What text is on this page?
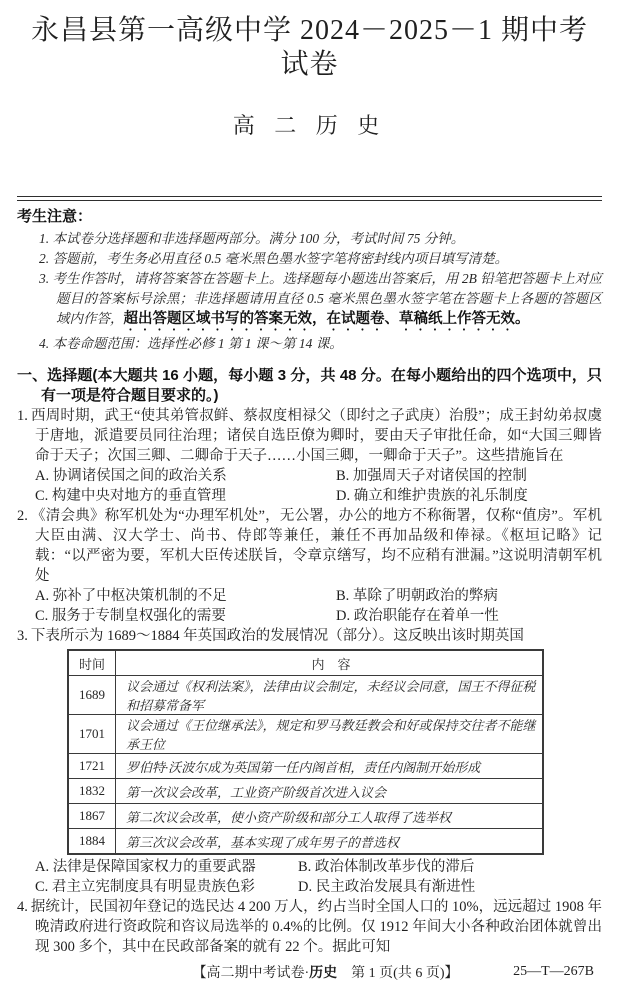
永昌县第一高级中学 2024－2025－1 期中考试卷
高 二 历 史
考生注意：

1. 本试卷分选择题和非选择题两部分。满分 100 分，考试时间 75 分钟。

2. 答题前，考生务必用直径 0.5 毫米黑色墨水签字笔将密封线内项目填写清楚。

3. 考生作答时，请将答案答在答题卡上。选择题每小题选出答案后，用 2B 铅笔把答题卡上对应题目的答案标号涂黑；非选择题请用直径 0.5 毫米黑色墨水签字笔在答题卡上各题的答题区域内作答，超出答题区域书写的答案无效，在试题卷、草稿纸上作答无效。

4. 本卷命题范围：选择性必修 1 第 1 课～第 14 课。

一、选择题(本大题共 16 小题，每小题 3 分，共 48 分。在每小题给出的四个选项中，只有一项是符合题目要求的。)

1. 西周时期，武王“使其弟管叔鲜、蔡叔度相禄父（即纣之子武庚）治殷”；成王封幼弟叔虞于唐地，派遣要员同往治理；诸侯自选臣僚为卿时，要由天子审批任命，如“大国三卿皆命于天子；次国三卿、二卿命于天子……小国三卿，一卿命于天子”。这些措施旨在

A. 协调诸侯国之间的政治关系	B. 加强周天子对诸侯国的控制
C. 构建中央对地方的垂直管理	D. 确立和维护贵族的礼乐制度

2. 《清会典》称军机处为“办理军机处”，无公署，办公的地方不称衙署，仅称“值房”。军机大臣由满、汉大学士、尚书、侍郎等兼任，兼任不再加品级和俸禄。《枢垣记略》记载：“以严密为要，军机大臣传述朕旨，令章京缮写，均不应稍有泄漏。”这说明清朝军机处

A. 弥补了中枢决策机制的不足	B. 革除了明朝政治的弊病
C. 服务于专制皇权强化的需要	D. 政治职能存在着单一性

3. 下表所示为 1689～1884 年英国政治的发展情况（部分）。这反映出该时期英国

时间	内　容
1689	议会通过《权利法案》，法律由议会制定，未经议会同意，国王不得征税和招募常备军
1701	议会通过《王位继承法》，规定和罗马教廷教会和好或保持交往者不能继承王位
1721	罗伯特·沃波尔成为英国第一任内阁首相，责任内阁制开始形成
1832	第一次议会改革，工业资产阶级首次进入议会
1867	第二次议会改革，使小资产阶级和部分工人取得了选举权
1884	第三次议会改革，基本实现了成年男子的普选权
A. 法律是保障国家权力的重要武器	B. 政治体制改革步伐的滞后
C. 君主立宪制度具有明显贵族色彩	D. 民主政治发展具有渐进性

4. 据统计，民国初年登记的选民达 4 200 万人，约占当时全国人口的 10%，远远超过 1908 年晚清政府进行资政院和咨议局选举的 0.4%的比例。仅 1912 年间大小各种政治团体就曾出现 300 多个，其中在民政部备案的就有 22 个。据此可知

【高二期中考试卷·历史　第 1 页(共 6 页)】	25—T—267B
